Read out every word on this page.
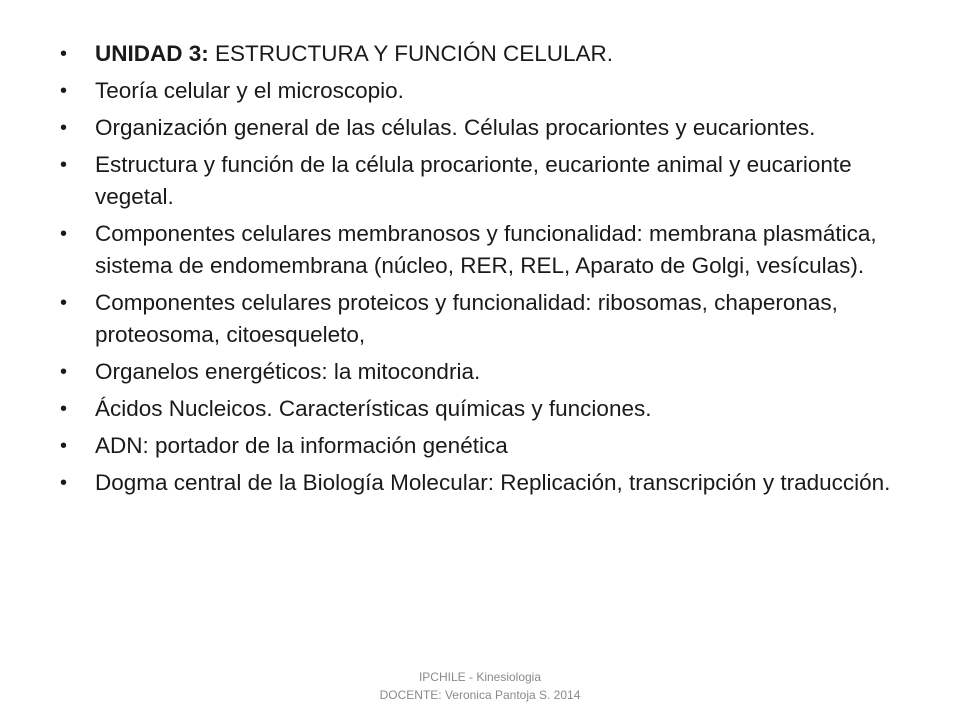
• UNIDAD 3: ESTRUCTURA Y FUNCIÓN CELULAR.
• Teoría celular y el microscopio.
• Organización general de las células. Células procariontes y eucariontes.
• Estructura y función de la célula procarionte, eucarionte animal y eucarionte vegetal.
• Componentes celulares membranosos y funcionalidad: membrana plasmática, sistema de endomembrana (núcleo, RER, REL, Aparato de Golgi, vesículas).
• Componentes celulares proteicos y funcionalidad: ribosomas, chaperonas, proteosoma, citoesqueleto,
• Organelos energéticos: la mitocondria.
• Ácidos Nucleicos. Características químicas y funciones.
• ADN: portador de la información genética
• Dogma central de la Biología Molecular: Replicación, transcripción y traducción.
IPCHILE - Kinesiologia
DOCENTE: Veronica Pantoja S. 2014
